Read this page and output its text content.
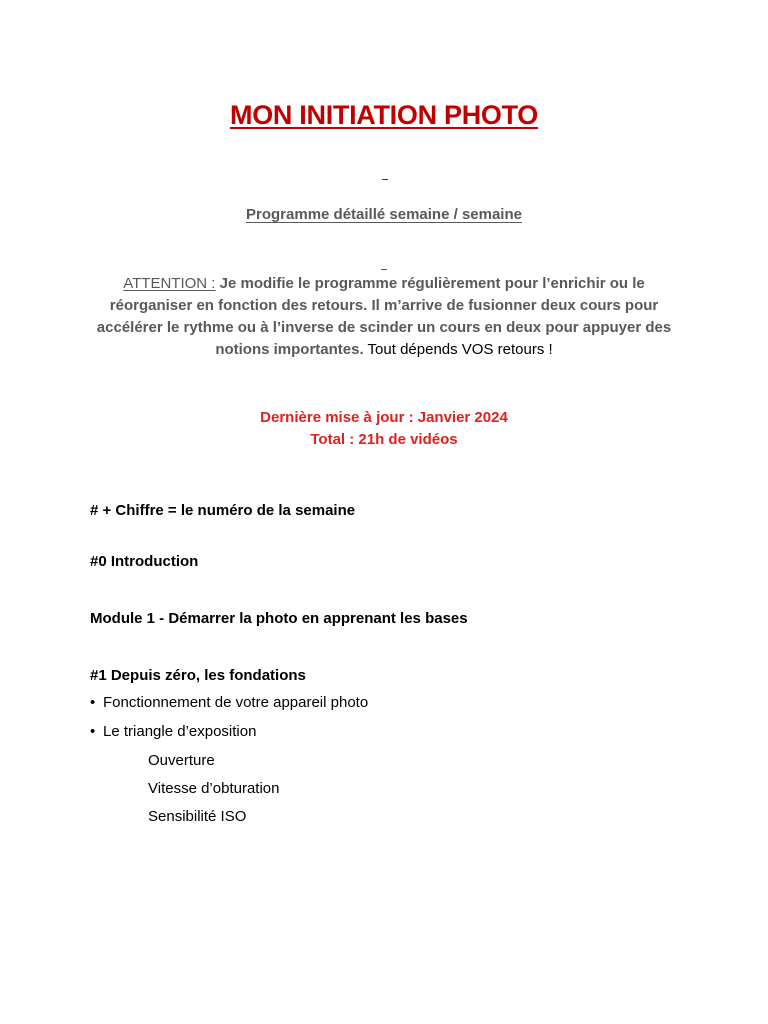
MON INITIATION PHOTO
Programme détaillé semaine / semaine

ATTENTION : Je modifie le programme régulièrement pour l’enrichir ou le réorganiser en fonction des retours. Il m’arrive de fusionner deux cours pour accélérer le rythme ou à l’inverse de scinder un cours en deux pour appuyer des notions importantes. Tout dépends VOS retours !

Dernière mise à jour : Janvier 2024
Total : 21h de vidéos

# + Chiffre = le numéro de la semaine

#0 Introduction

Module 1 - Démarrer la photo en apprenant les bases

#1 Depuis zéro, les fondations

• Fonctionnement de votre appareil photo

• Le triangle d’exposition

Ouverture

Vitesse d’obturation

Sensibilité ISO
